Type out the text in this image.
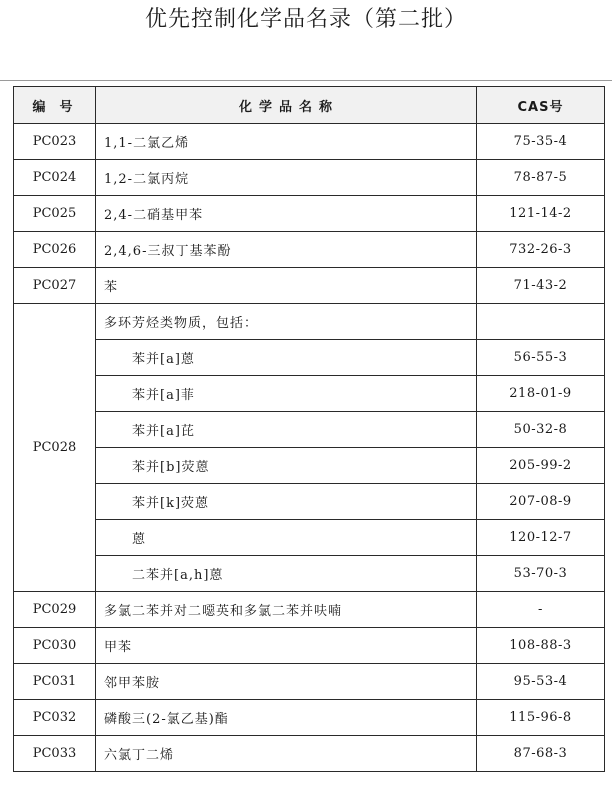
优先控制化学品名录（第二批）
编号	化学品名称	CAS号
PC023	1,1-二氯乙烯	75-35-4
PC024	1,2-二氯丙烷	78-87-5
PC025	2,4-二硝基甲苯	121-14-2
PC026	2,4,6-三叔丁基苯酚	732-26-3
PC027	苯	71-43-2
PC028	多环芳烃类物质，包括：	
	苯并[a]蒽	56-55-3
	苯并[a]菲	218-01-9
	苯并[a]芘	50-32-8
	苯并[b]荧蒽	205-99-2
	苯并[k]荧蒽	207-08-9
	蒽	120-12-7
	二苯并[a,h]蒽	53-70-3
PC029	多氯二苯并对二噁英和多氯二苯并呋喃	-
PC030	甲苯	108-88-3
PC031	邻甲苯胺	95-53-4
PC032	磷酸三(2-氯乙基)酯	115-96-8
PC033	六氯丁二烯	87-68-3
